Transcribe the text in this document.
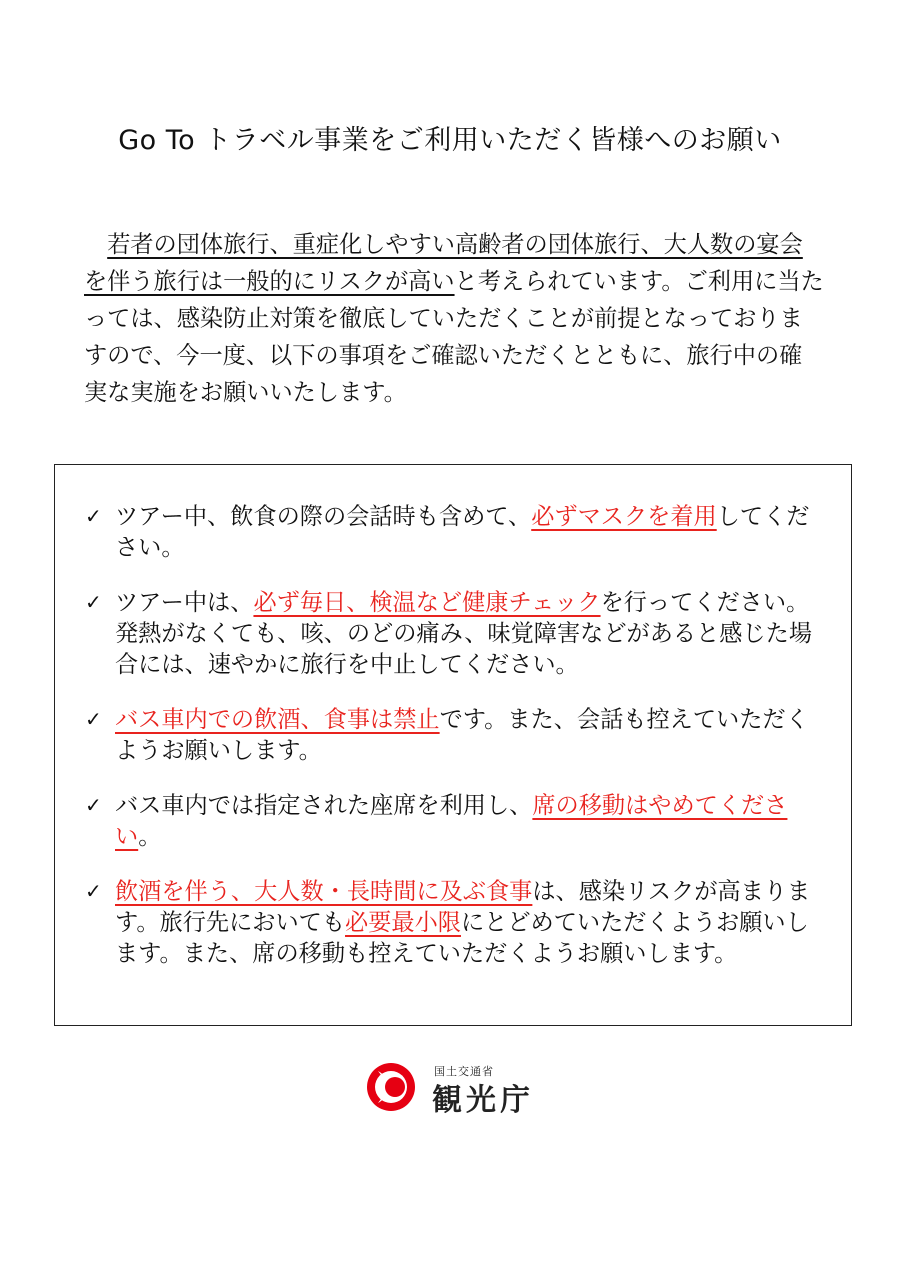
Go To トラベル事業をご利用いただく皆様へのお願い

 若者の団体旅行、重症化しやすい高齢者の団体旅行、大人数の宴会を伴う旅行は一般的にリスクが高いと考えられています。ご利用に当たっては、感染防止対策を徹底していただくことが前提となっておりますので、今一度、以下の事項をご確認いただくとともに、旅行中の確実な実施をお願いいたします。

✓ ツアー中、飲食の際の会話時も含めて、必ずマスクを着用してください。
✓ ツアー中は、必ず毎日、検温など健康チェックを行ってください。発熱がなくても、咳、のどの痛み、味覚障害などがあると感じた場合には、速やかに旅行を中止してください。
✓ バス車内での飲酒、食事は禁止です。また、会話も控えていただくようお願いします。
✓ バス車内では指定された座席を利用し、席の移動はやめてください。
✓ 飲酒を伴う、大人数・長時間に及ぶ食事は、感染リスクが高まります。旅行先においても必要最小限にとどめていただくようお願いします。また、席の移動も控えていただくようお願いします。
国土交通省
観光庁
